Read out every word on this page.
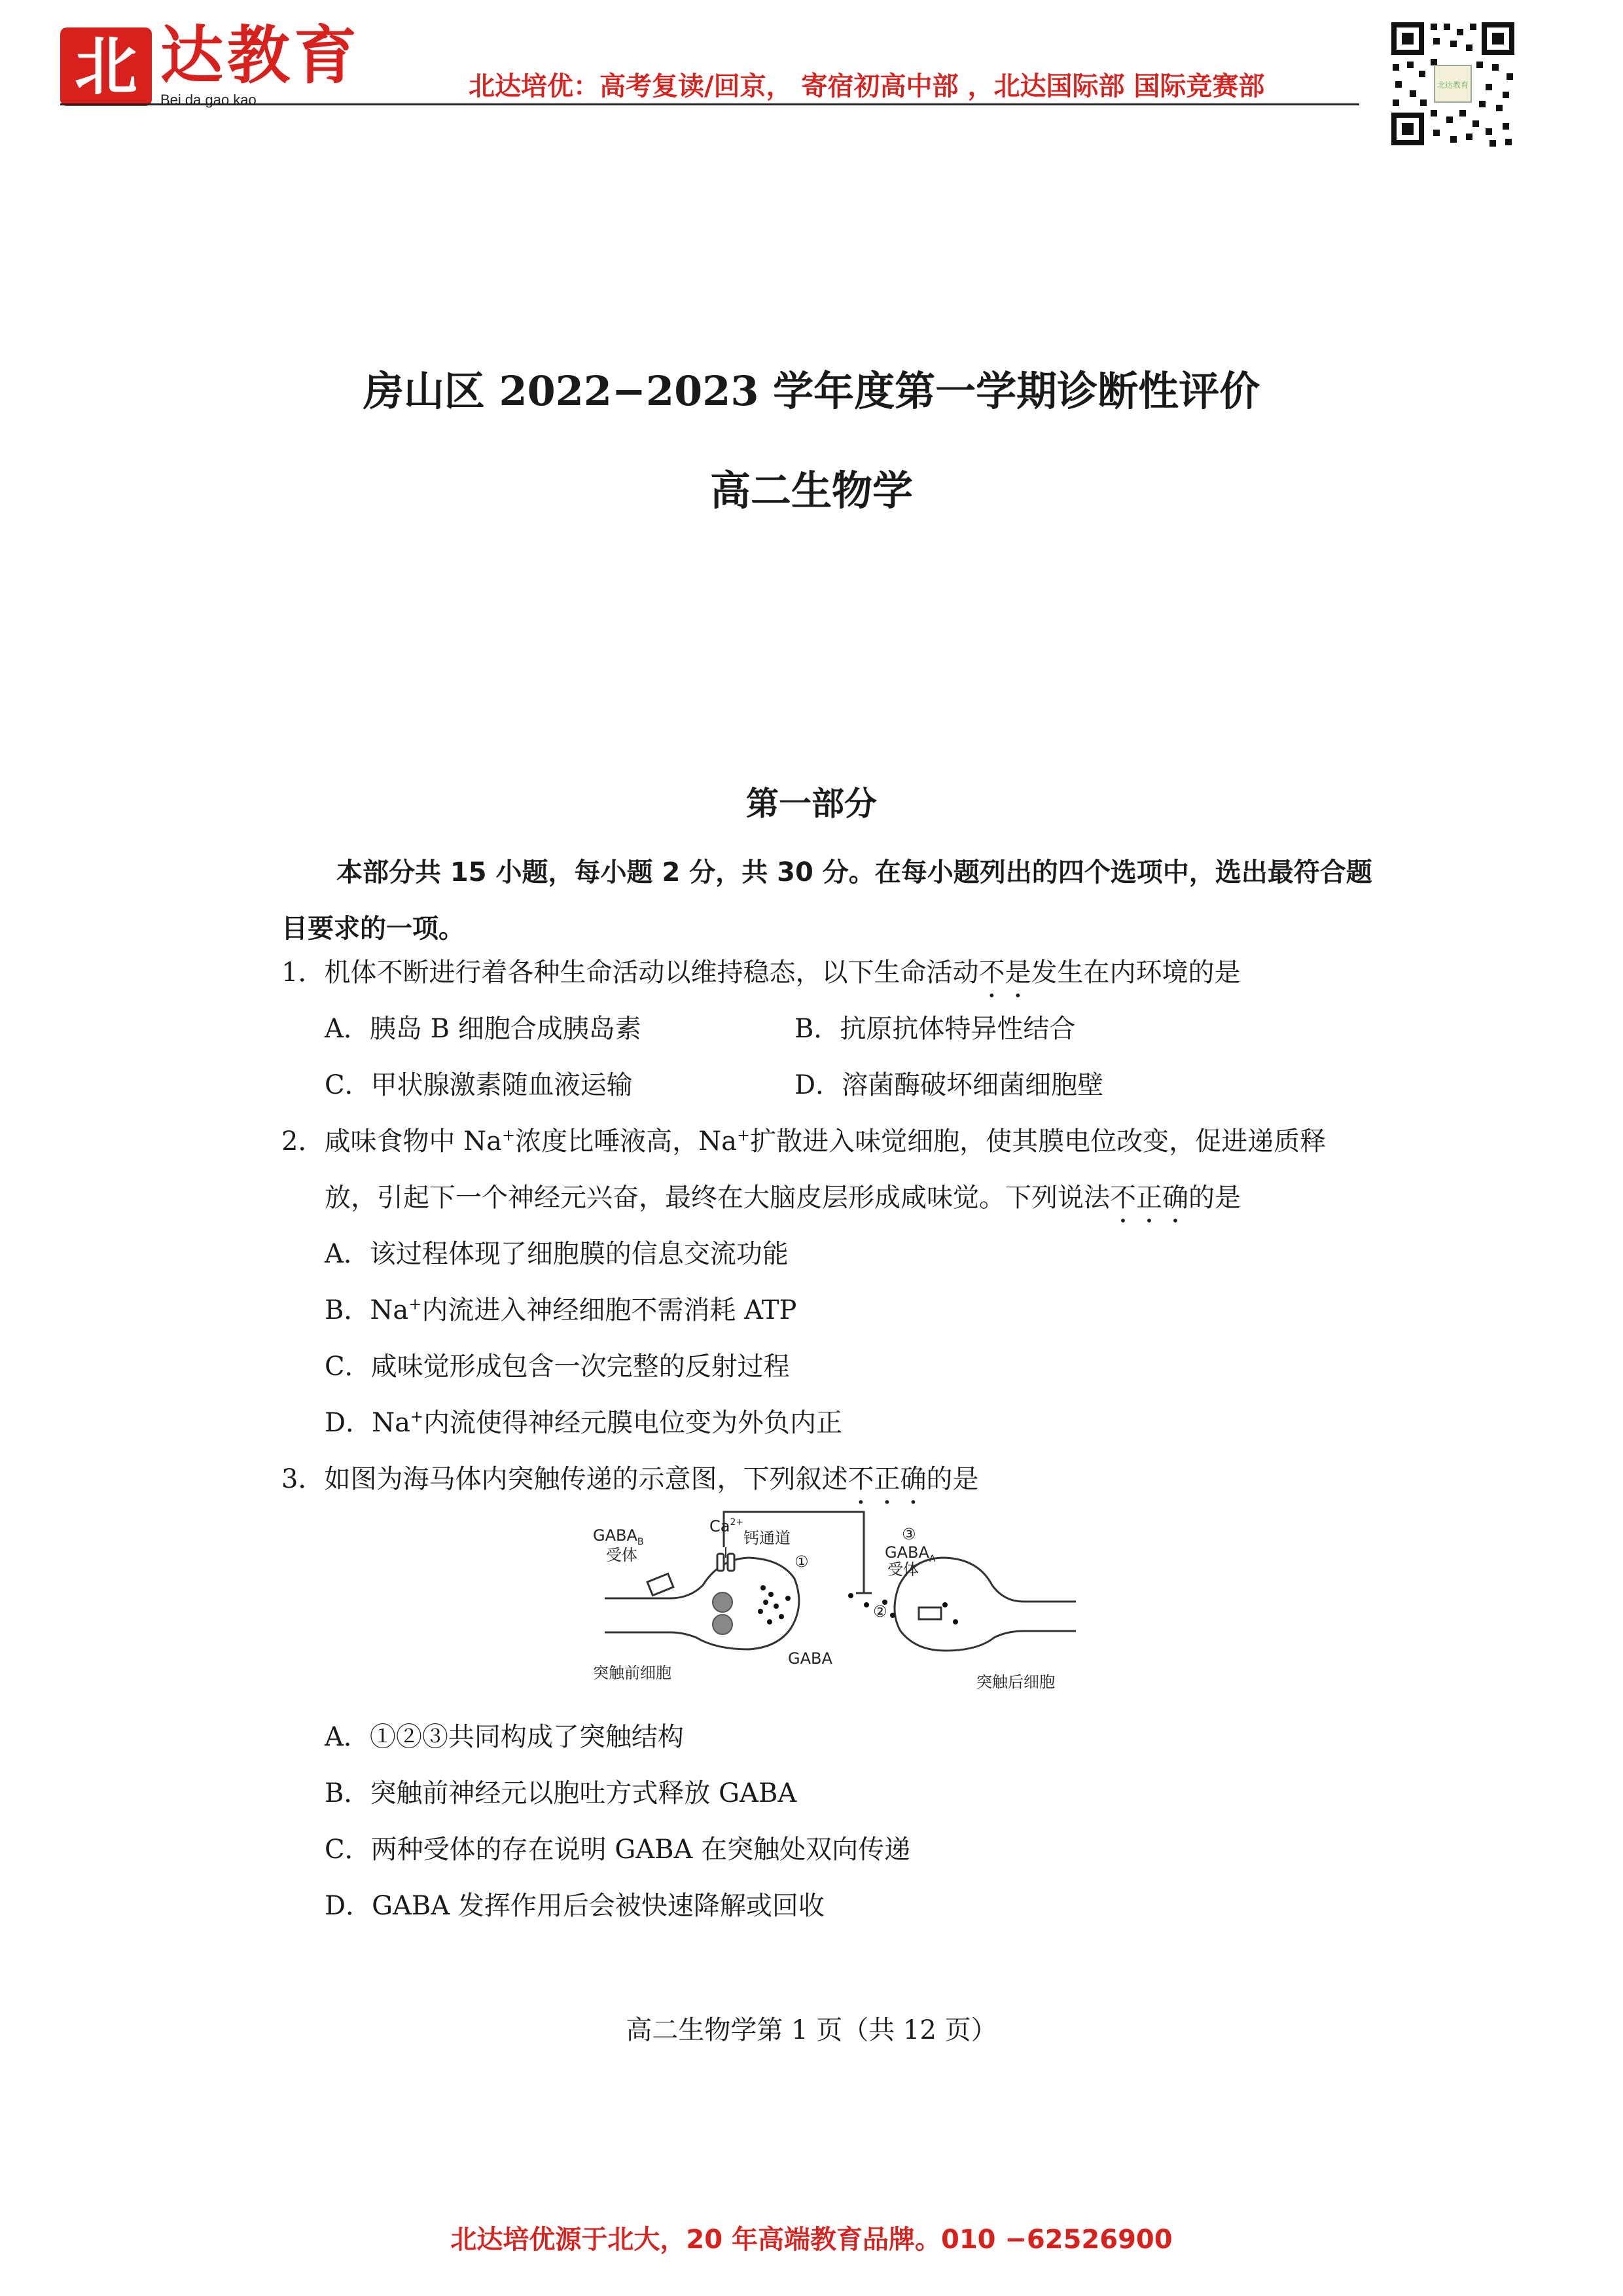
北 达教育
Bei da gao kao	北达培优：高考复读/回京， 寄宿初高中部 ，北达国际部 国际竞赛部	北达教育
房山区 2022−2023 学年度第一学期诊断性评价
高二生物学
第一部分
本部分共 15 小题，每小题 2 分，共 30 分。在每小题列出的四个选项中，选出最符合题目要求的一项。
1．机体不断进行着各种生命活动以维持稳态，以下生命活动不是发生在内环境的是
A．胰岛 B 细胞合成胰岛素	B．抗原抗体特异性结合
C．甲状腺激素随血液运输	D．溶菌酶破坏细菌细胞壁
2．咸味食物中 Na+浓度比唾液高，Na+扩散进入味觉细胞，使其膜电位改变，促进递质释
放，引起下一个神经元兴奋，最终在大脑皮层形成咸味觉。下列说法不正确的是
A．该过程体现了细胞膜的信息交流功能
B．Na+内流进入神经细胞不需消耗 ATP
C．咸味觉形成包含一次完整的反射过程
D．Na+内流使得神经元膜电位变为外负内正
3．如图为海马体内突触传递的示意图，下列叙述不正确的是
$GABA_B$
受体
$Ca^{2+}$
钙通道
①
②
③
$GABA_A$
受体
GABA
突触前细胞	突触后细胞
A．①②③共同构成了突触结构
B．突触前神经元以胞吐方式释放 GABA
C．两种受体的存在说明 GABA 在突触处双向传递
D．GABA 发挥作用后会被快速降解或回收
高二生物学第 1 页（共 12 页）
北达培优源于北大，20 年高端教育品牌。010 −62526900
